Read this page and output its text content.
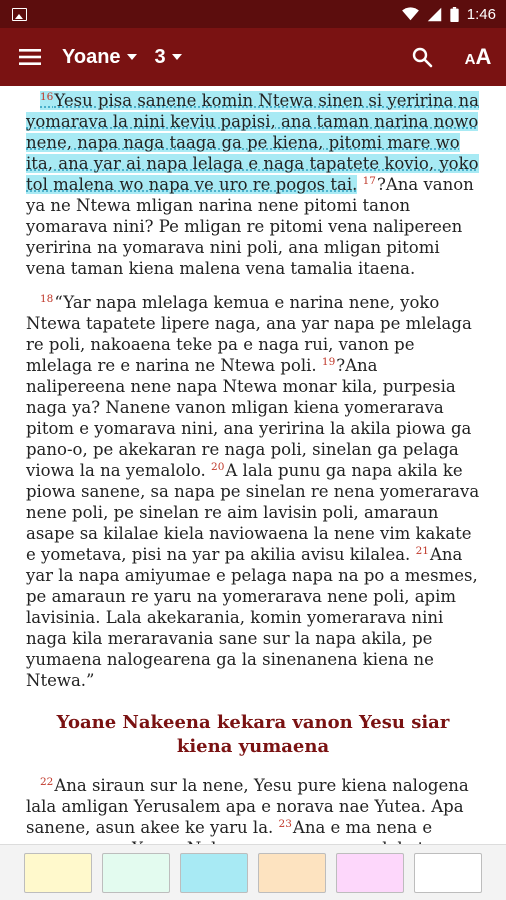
1:46
Yoane 3	A A

$^{16}$Yesu pisa sanene komin Ntewa sinen si yeririna na yomarava la nini keviu papisi, ana taman narina nowo nene, napa naga taaga ga pe kiena, pitomi mare wo ita, ana yar ai napa lelaga e naga tapatete kovio, yoko tol malena wo napa ve uro re pogos tai. $^{17}$?Ana vanon ya ne Ntewa mligan narina nene pitomi tanon yomarava nini? Pe mligan re pitomi vena nalipereen yeririna na yomarava nini poli, ana mligan pitomi vena taman kiena malena vena tamalia itaena.

$^{18}$“Yar napa mlelaga kemua e narina nene, yoko Ntewa tapatete lipere naga, ana yar napa pe mlelaga re poli, nakoaena teke pa e naga rui, vanon pe mlelaga re e narina ne Ntewa poli. $^{19}$?Ana nalipereena nene napa Ntewa monar kila, purpesia naga ya? Nanene vanon mligan kiena yomerarava pitom e yomarava nini, ana yeririna la akila piowa ga pano-o, pe akekaran re naga poli, sinelan ga pelaga viowa la na yemalolo. $^{20}$A lala punu ga napa akila ke piowa sanene, sa napa pe sinelan re nena yomerarava nene poli, pe sinelan re aim lavisin poli, amaraun asape sa kilalae kiela naviowaena la nene vim kakate e yometava, pisi na yar pa akilia avisu kilalea. $^{21}$Ana yar la napa amiyumae e pelaga napa na po a mesmes, pe amaraun re yaru na yomerarava nene poli, apim lavisinia. Lala akekarania, komin yomerarava nini naga kila meraravania sane sur la napa akila, pe yumaena nalogearena ga la sinenanena kiena ne Ntewa.”

Yoane Nakeena kekara vanon Yesu siar kiena yumaena

$^{22}$Ana siraun sur la nene, Yesu pure kiena nalogena lala amligan Yerusalem apa e norava nae Yutea. Apa sanene, asun akee ke yaru la. $^{23}$Ana e ma nena e
